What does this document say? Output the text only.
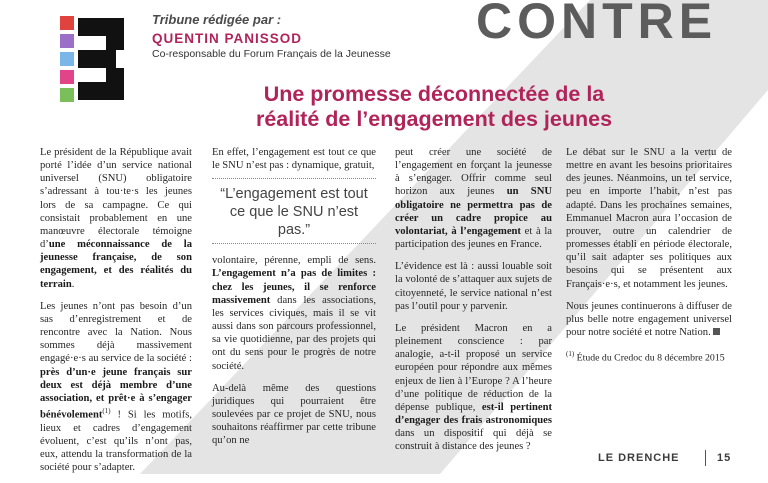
Tribune rédigée par :
QUENTIN PANISSOD
Co-responsable du Forum Français de la Jeunesse
CONTRE
Une promesse déconnectée de la
réalité de l’engagement des jeunes

Le président de la République avait porté l’idée d’un service national universel (SNU) obligatoire s’adressant à tou·te·s les jeunes lors de sa campagne. Ce qui consistait probablement en une manœuvre électorale témoigne d’une méconnaissance de la jeunesse française, de son engagement, et des réalités du terrain.

Les jeunes n’ont pas besoin d’un sas d’enregistrement et de rencontre avec la Nation. Nous sommes déjà massivement engagé·e·s au service de la société : près d’un·e jeune français sur deux est déjà membre d’une association, et prêt·e à s’engager bénévolement$^{(1)}$ ! Si les motifs, lieux et cadres d’engagement évoluent, c’est qu’ils n’ont pas, eux, attendu la transformation de la société pour s’adapter.

En effet, l’engagement est tout ce que le SNU n’est pas : dynamique, gratuit,

“L’engagement est tout ce que le SNU n’est pas.”

volontaire, pérenne, empli de sens. L’engagement n’a pas de limites : chez les jeunes, il se renforce massivement dans les associations, les services civiques, mais il se vit aussi dans son parcours professionnel, sa vie quotidienne, par des projets qui ont du sens pour le progrès de notre société.

Au-delà même des questions juridiques qui pourraient être soulevées par ce projet de SNU, nous souhaitons réaffirmer par cette tribune qu’on ne

peut créer une société de l’engagement en forçant la jeunesse à s’engager. Offrir comme seul horizon aux jeunes un SNU obligatoire ne permettra pas de créer un cadre propice au volontariat, à l’engagement et à la participation des jeunes en France.

L’évidence est là : aussi louable soit la volonté de s’attaquer aux sujets de citoyenneté, le service national n’est pas l’outil pour y parvenir.

Le président Macron en a pleinement conscience : par analogie, a-t-il proposé un service européen pour répondre aux mêmes enjeux de lien à l’Europe ? A l’heure d’une politique de réduction de la dépense publique, est-il pertinent d’engager des frais astronomiques dans un dispositif qui déjà se construit à distance des jeunes ?

Le débat sur le SNU a la vertu de mettre en avant les besoins prioritaires des jeunes. Néanmoins, un tel service, peu en importe l’habit, n’est pas adapté. Dans les prochaines semaines, Emmanuel Macron aura l’occasion de prouver, outre un calendrier de promesses établi en période électorale, qu’il sait adapter ses politiques aux besoins qui se présentent aux Français·e·s, et notamment les jeunes.

Nous jeunes continuerons à diffuser de plus belle notre engagement universel pour notre société et notre Nation.

$^{(1)}$ Étude du Credoc du 8 décembre 2015

LE DRENCHE	15
